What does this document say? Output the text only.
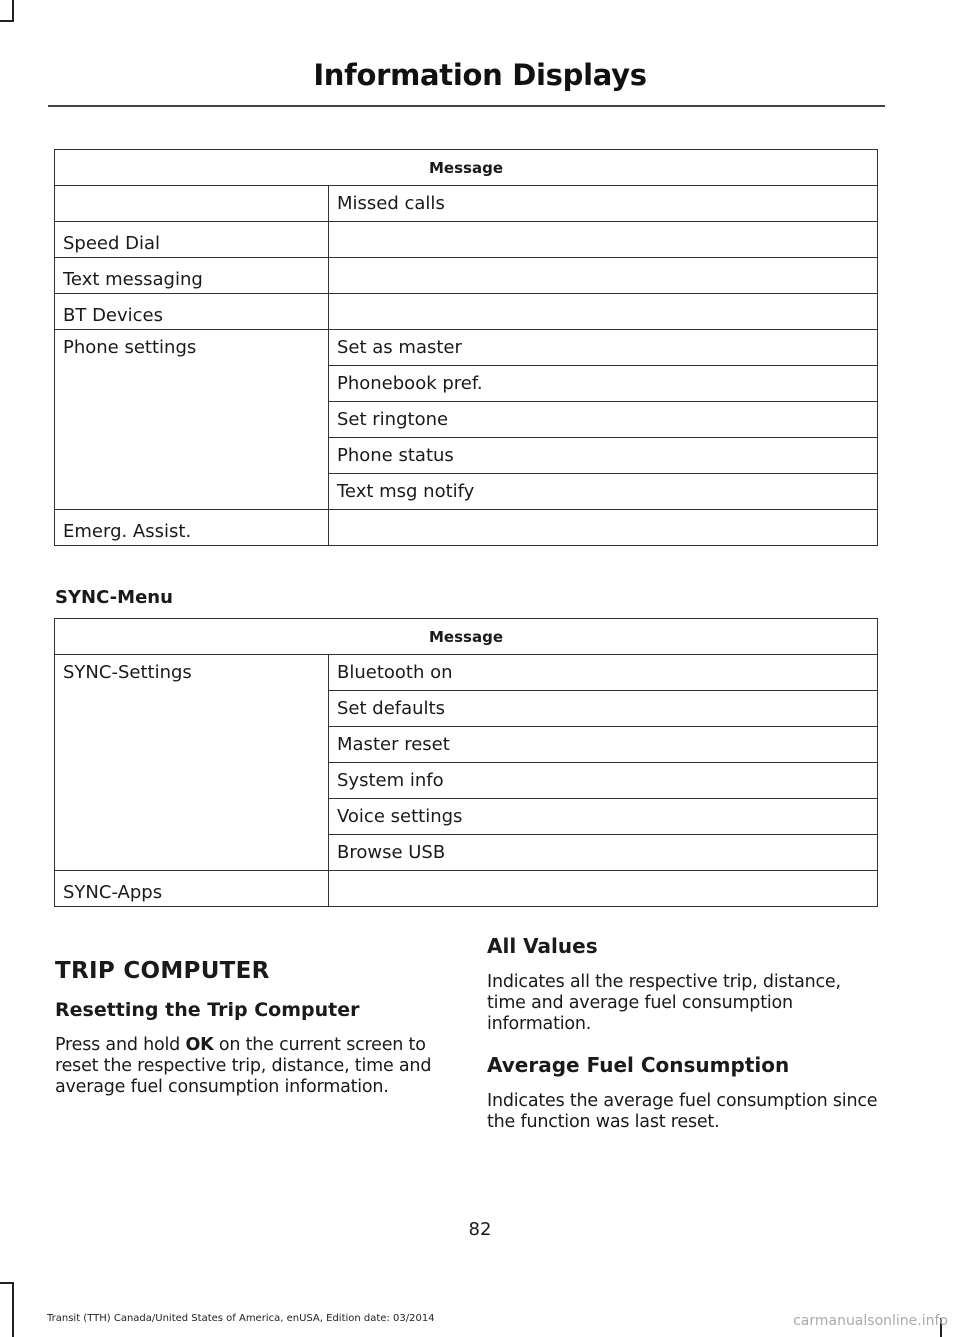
Information Displays
Message	
	Missed calls
Speed Dial	
Text messaging	
BT Devices	
Phone settings	Set as master
	Phonebook pref.
	Set ringtone
	Phone status
	Text msg notify
Emerg. Assist.	
SYNC-Menu
Message	
SYNC-Settings	Bluetooth on
	Set defaults
	Master reset
	System info
	Voice settings
	Browse USB
SYNC-Apps	
TRIP COMPUTER
Resetting the Trip Computer
Press and hold OK on the current screen to reset the respective trip, distance, time and average fuel consumption information.
All Values
Indicates all the respective trip, distance, time and average fuel consumption information.
Average Fuel Consumption
Indicates the average fuel consumption since the function was last reset.
82
Transit (TTH) Canada/United States of America, enUSA, Edition date: 03/2014	carmanualsonline.info
